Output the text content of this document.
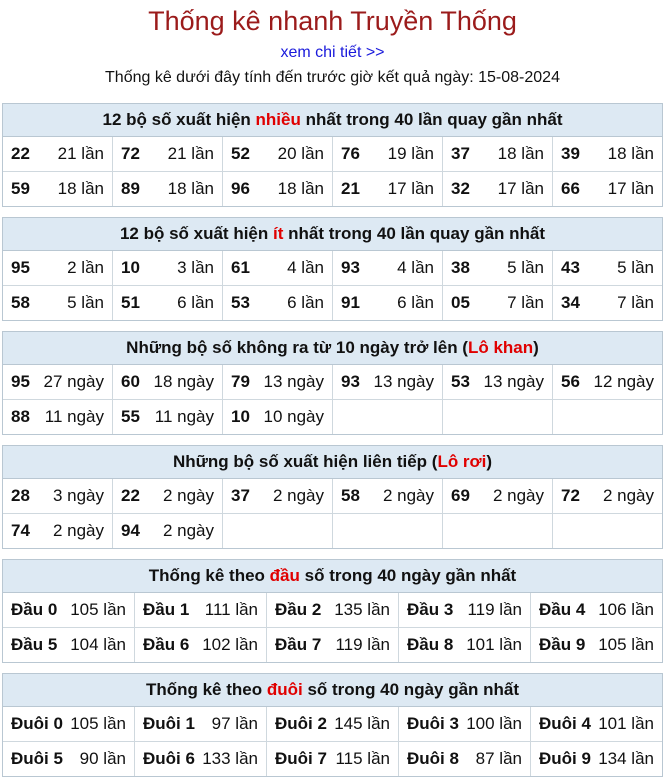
Thống kê nhanh Truyền Thống
xem chi tiết >>
Thống kê dưới đây tính đến trước giờ kết quả ngày: 15-08-2024
12 bộ số xuất hiện nhiều nhất trong 40 lần quay gần nhất
22 21 lần 72 21 lần 52 20 lần 76 19 lần 37 18 lần 39 18 lần
59 18 lần 89 18 lần 96 18 lần 21 17 lần 32 17 lần 66 17 lần
12 bộ số xuất hiện ít nhất trong 40 lần quay gần nhất
95 2 lần 10 3 lần 61 4 lần 93 4 lần 38 5 lần 43 5 lần
58 5 lần 51 6 lần 53 6 lần 91 6 lần 05 7 lần 34 7 lần
Những bộ số không ra từ 10 ngày trở lên (Lô khan)
95 27 ngày 60 18 ngày 79 13 ngày 93 13 ngày 53 13 ngày 56 12 ngày
88 11 ngày 55 11 ngày 10 10 ngày
Những bộ số xuất hiện liên tiếp (Lô rơi)
28 3 ngày 22 2 ngày 37 2 ngày 58 2 ngày 69 2 ngày 72 2 ngày
74 2 ngày 94 2 ngày
Thống kê theo đầu số trong 40 ngày gần nhất
Đầu 0 105 lần Đầu 1 111 lần Đầu 2 135 lần Đầu 3 119 lần Đầu 4 106 lần
Đầu 5 104 lần Đầu 6 102 lần Đầu 7 119 lần Đầu 8 101 lần Đầu 9 105 lần
Thống kê theo đuôi số trong 40 ngày gần nhất
Đuôi 0 105 lần Đuôi 1 97 lần Đuôi 2 145 lần Đuôi 3 100 lần Đuôi 4 101 lần
Đuôi 5 90 lần Đuôi 6 133 lần Đuôi 7 115 lần Đuôi 8 87 lần Đuôi 9 134 lần
